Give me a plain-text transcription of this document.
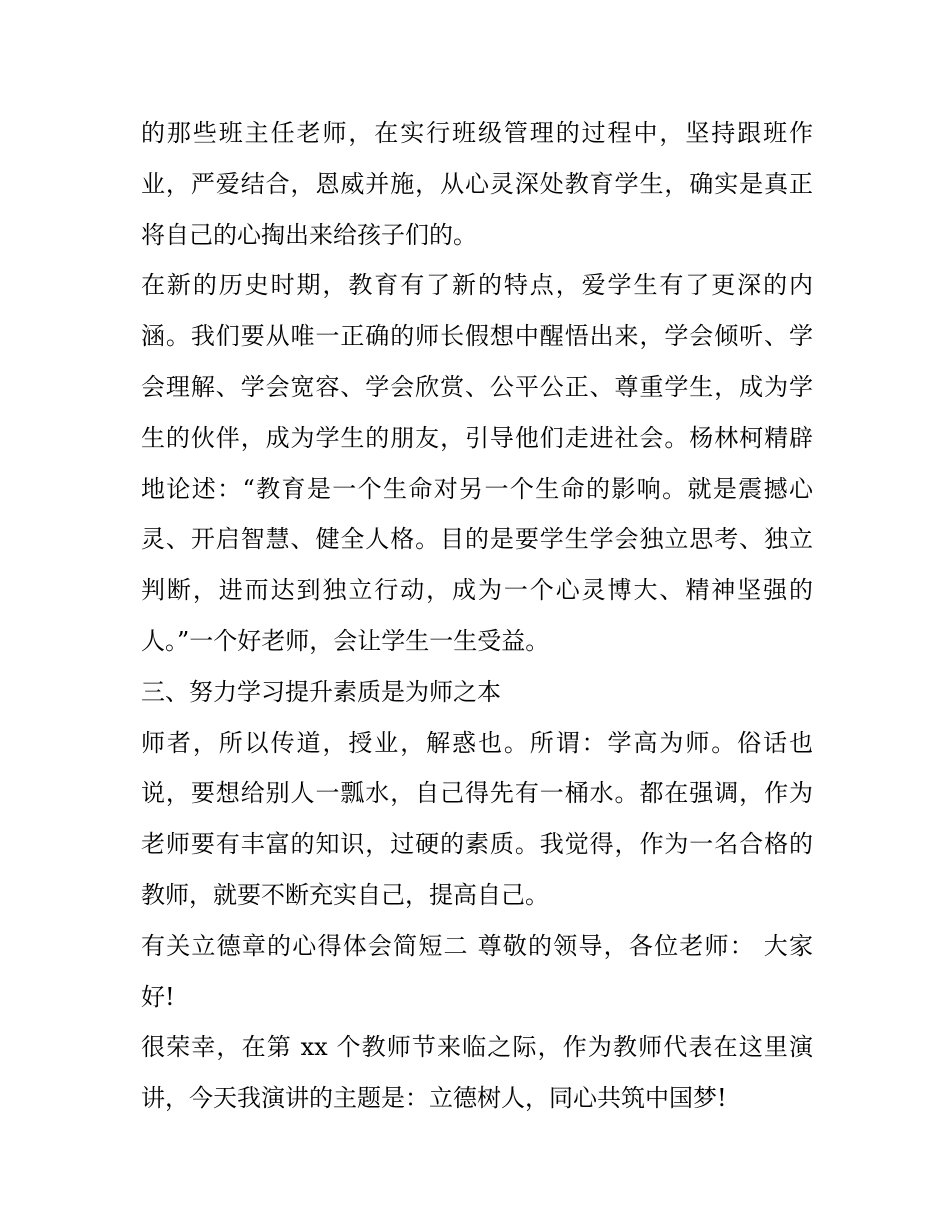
的那些班主任老师，在实行班级管理的过程中，坚持跟班作
业，严爱结合，恩威并施，从心灵深处教育学生，确实是真正
将自己的心掏出来给孩子们的。
在新的历史时期，教育有了新的特点，爱学生有了更深的内
涵。我们要从唯一正确的师长假想中醒悟出来，学会倾听、学
会理解、学会宽容、学会欣赏、公平公正、尊重学生，成为学
生的伙伴，成为学生的朋友，引导他们走进社会。杨林柯精辟
地论述：“教育是一个生命对另一个生命的影响。就是震撼心
灵、开启智慧、健全人格。目的是要学生学会独立思考、独立
判断，进而达到独立行动，成为一个心灵博大、精神坚强的
人。”一个好老师，会让学生一生受益。
三、努力学习提升素质是为师之本
师者，所以传道，授业，解惑也。所谓：学高为师。俗话也
说，要想给别人一瓢水，自己得先有一桶水。都在强调，作为
老师要有丰富的知识，过硬的素质。我觉得，作为一名合格的
教师，就要不断充实自己，提高自己。
有关立德章的心得体会简短二 尊敬的领导，各位老师： 大家
好!
很荣幸，在第 xx 个教师节来临之际，作为教师代表在这里演
讲，今天我演讲的主题是：立德树人，同心共筑中国梦!
